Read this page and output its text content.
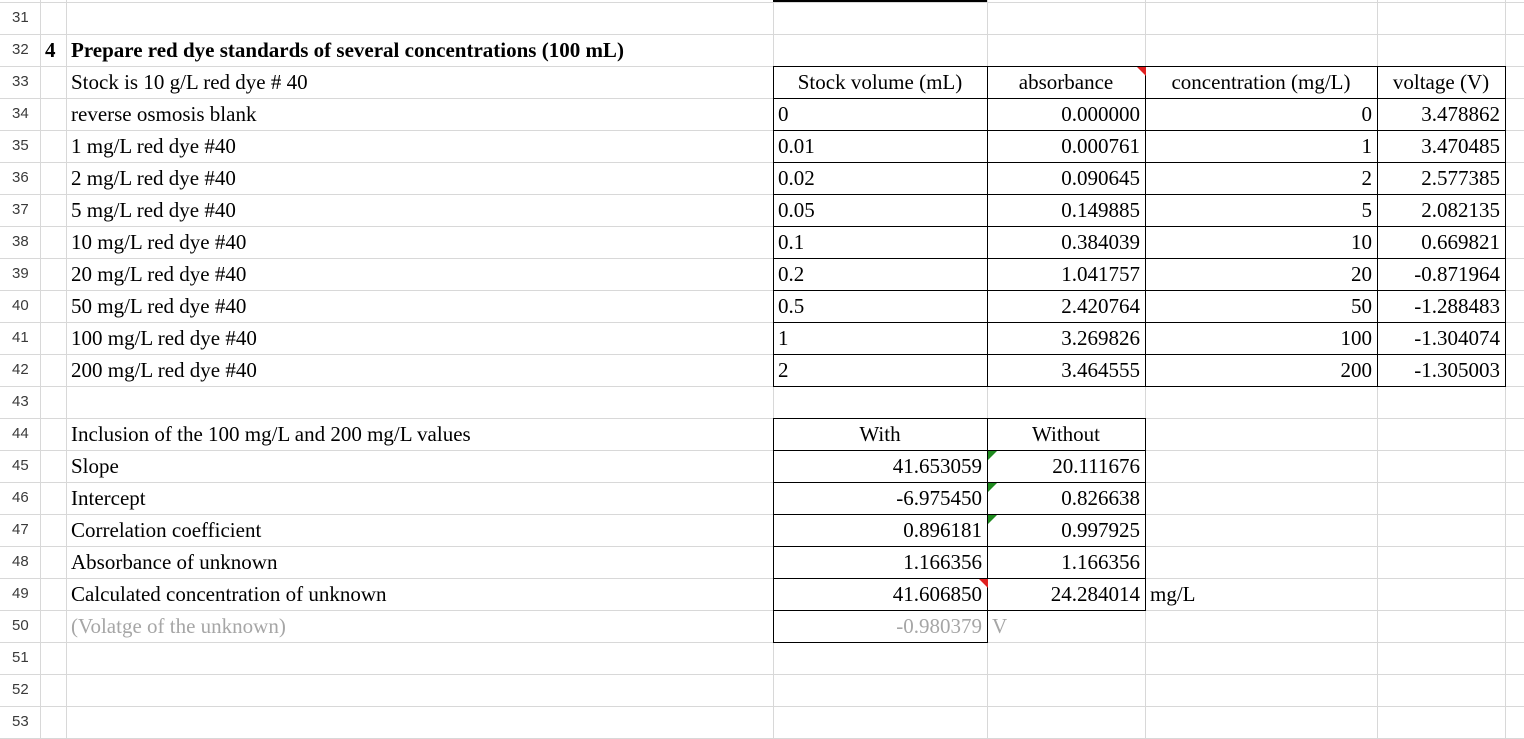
31
32
33
34
35
36
37
38
39
40
41
42
43
44
45
46
47
48
49
50
51
52
53
4 Prepare red dye standards of several concentrations (100 mL)
Stock is 10 g/L red dye # 40	Stock volume (mL)	absorbance	concentration (mg/L)	voltage (V)
reverse osmosis blank	0	0.000000	0	3.478862
1 mg/L red dye #40	0.01	0.000761	1	3.470485
2 mg/L red dye #40	0.02	0.090645	2	2.577385
5 mg/L red dye #40	0.05	0.149885	5	2.082135
10 mg/L red dye #40	0.1	0.384039	10	0.669821
20 mg/L red dye #40	0.2	1.041757	20	-0.871964
50 mg/L red dye #40	0.5	2.420764	50	-1.288483
100 mg/L red dye #40	1	3.269826	100	-1.304074
200 mg/L red dye #40	2	3.464555	200	-1.305003
Inclusion of the 100 mg/L and 200 mg/L values	With	Without
Slope	41.653059	20.111676
Intercept	-6.975450	0.826638
Correlation coefficient	0.896181	0.997925
Absorbance of unknown	1.166356	1.166356
Calculated concentration of unknown	41.606850	24.284014 mg/L
(Volatge of the unknown)	-0.980379 V
